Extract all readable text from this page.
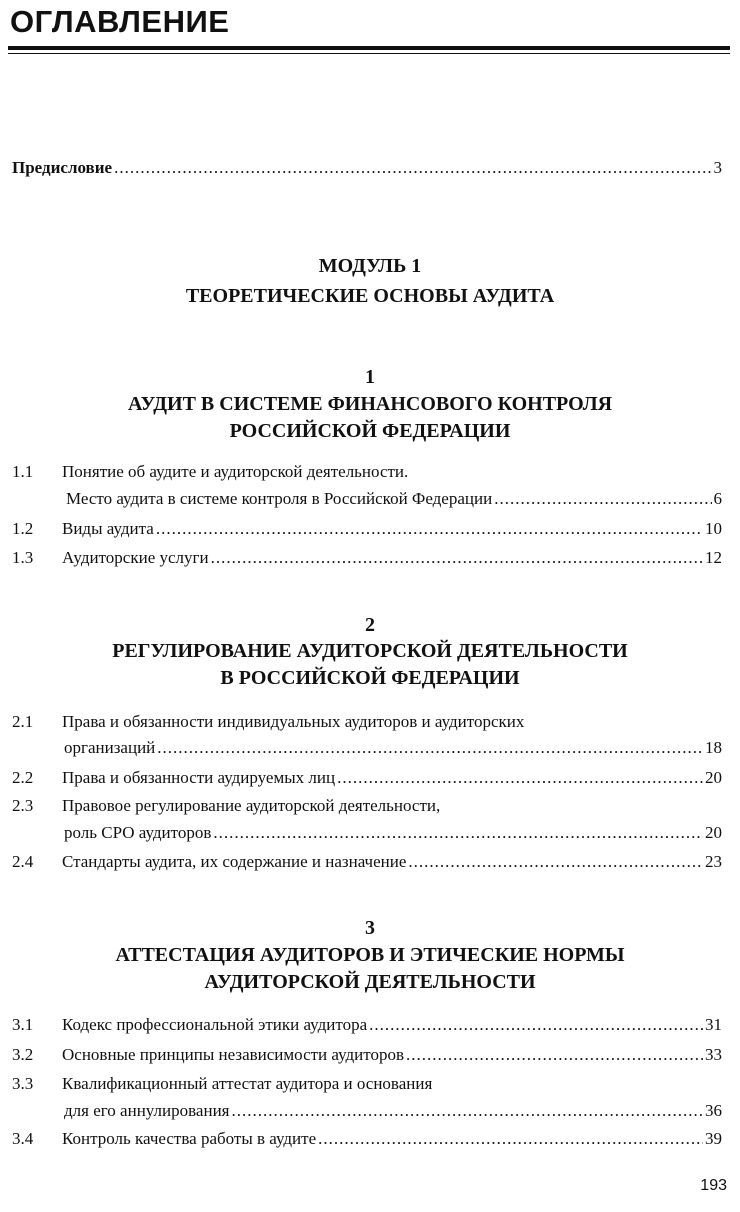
ОГЛАВЛЕНИЕ
Предисловие .....	3
МОДУЛЬ 1
ТЕОРЕТИЧЕСКИЕ ОСНОВЫ АУДИТА
1
АУДИТ В СИСТЕМЕ ФИНАНСОВОГО КОНТРОЛЯ
РОССИЙСКОЙ ФЕДЕРАЦИИ
1.1 Понятие об аудите и аудиторской деятельности.
Место аудита в системе контроля в Российской Федерации .....	6
1.2 Виды аудита .....	10
1.3 Аудиторские услуги .....	12
2
РЕГУЛИРОВАНИЕ АУДИТОРСКОЙ ДЕЯТЕЛЬНОСТИ
В РОССИЙСКОЙ ФЕДЕРАЦИИ
2.1 Права и обязанности индивидуальных аудиторов и аудиторских
организаций .....	18
2.2 Права и обязанности аудируемых лиц .....	20
2.3 Правовое регулирование аудиторской деятельности,
роль СРО аудиторов .....	20
2.4 Стандарты аудита, их содержание и назначение .....	23
3
АТТЕСТАЦИЯ АУДИТОРОВ И ЭТИЧЕСКИЕ НОРМЫ
АУДИТОРСКОЙ ДЕЯТЕЛЬНОСТИ
3.1 Кодекс профессиональной этики аудитора .....	31
3.2 Основные принципы независимости аудиторов .....	33
3.3 Квалификационный аттестат аудитора и основания
для его аннулирования .....	36
3.4 Контроль качества работы в аудите .....	39
193
